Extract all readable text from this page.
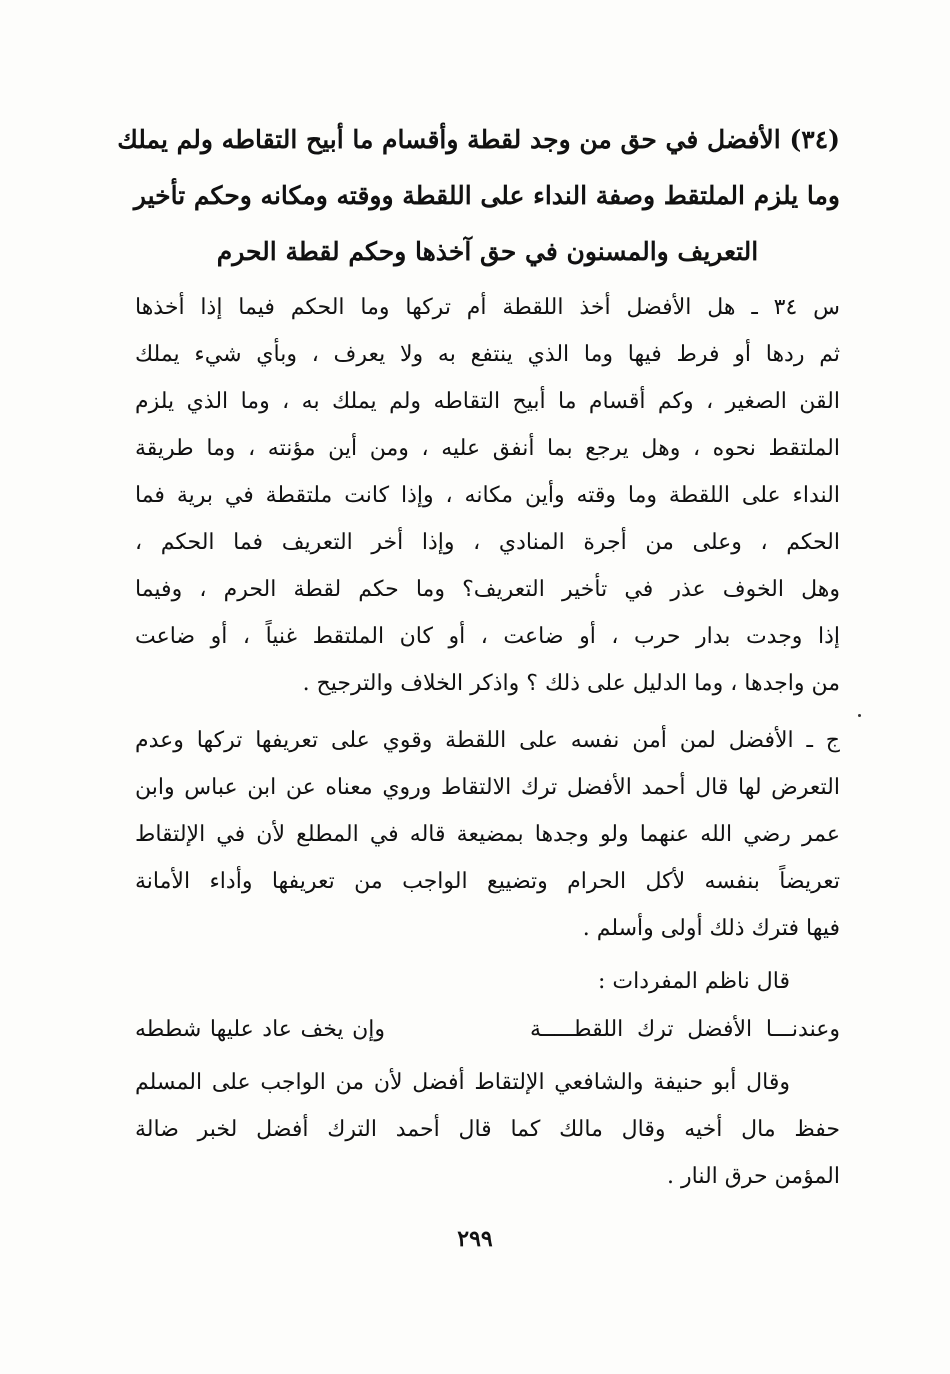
(٣٤) الأفضل في حق من وجد لقطة وأقسام ما أبيح التقاطه ولم يملك
وما يلزم الملتقط وصفة النداء على اللقطة ووقته ومكانه وحكم تأخير
التعريف والمسنون في حق آخذها وحكم لقطة الحرم
س ٣٤ ـ هل الأفضل أخذ اللقطة أم تركها وما الحكم فيما إذا أخذها
ثم ردها أو فرط فيها وما الذي ينتفع به ولا يعرف ، وبأي شيء يملك
القن الصغير ، وكم أقسام ما أبيح التقاطه ولم يملك به ، وما الذي يلزم
الملتقط نحوه ، وهل يرجع بما أنفق عليه ، ومن أين مؤنته ، وما طريقة
النداء على اللقطة وما وقته وأين مكانه ، وإذا كانت ملتقطة في برية فما
الحكم ، وعلى من أجرة المنادي ، وإذا أخر التعريف فما الحكم ،
وهل الخوف عذر في تأخير التعريف؟ وما حكم لقطة الحرم ، وفيما
إذا وجدت بدار حرب ، أو ضاعت ، أو كان الملتقط غنياً ، أو ضاعت
من واجدها ، وما الدليل على ذلك ؟ واذكر الخلاف والترجيح .
ج ـ الأفضل لمن أمن نفسه على اللقطة وقوي على تعريفها تركها وعدم
التعرض لها قال أحمد الأفضل ترك الالتقاط وروي معناه عن ابن عباس وابن
عمر رضي الله عنهما ولو وجدها بمضيعة قاله في المطلع لأن في الإلتقاط
تعريضاً بنفسه لأكل الحرام وتضييع الواجب من تعريفها وأداء الأمانة
فيها فترك ذلك أولى وأسلم .
قال ناظم المفردات :
وعندنـــا الأفضل ترك اللقطـــــة
وإن يخف عاد عليها شططه
وقال أبو حنيفة والشافعي الإلتقاط أفضل لأن من الواجب على المسلم
حفظ مال أخيه وقال مالك كما قال أحمد الترك أفضل لخبر ضالة
المؤمن حرق النار .
٢٩٩
